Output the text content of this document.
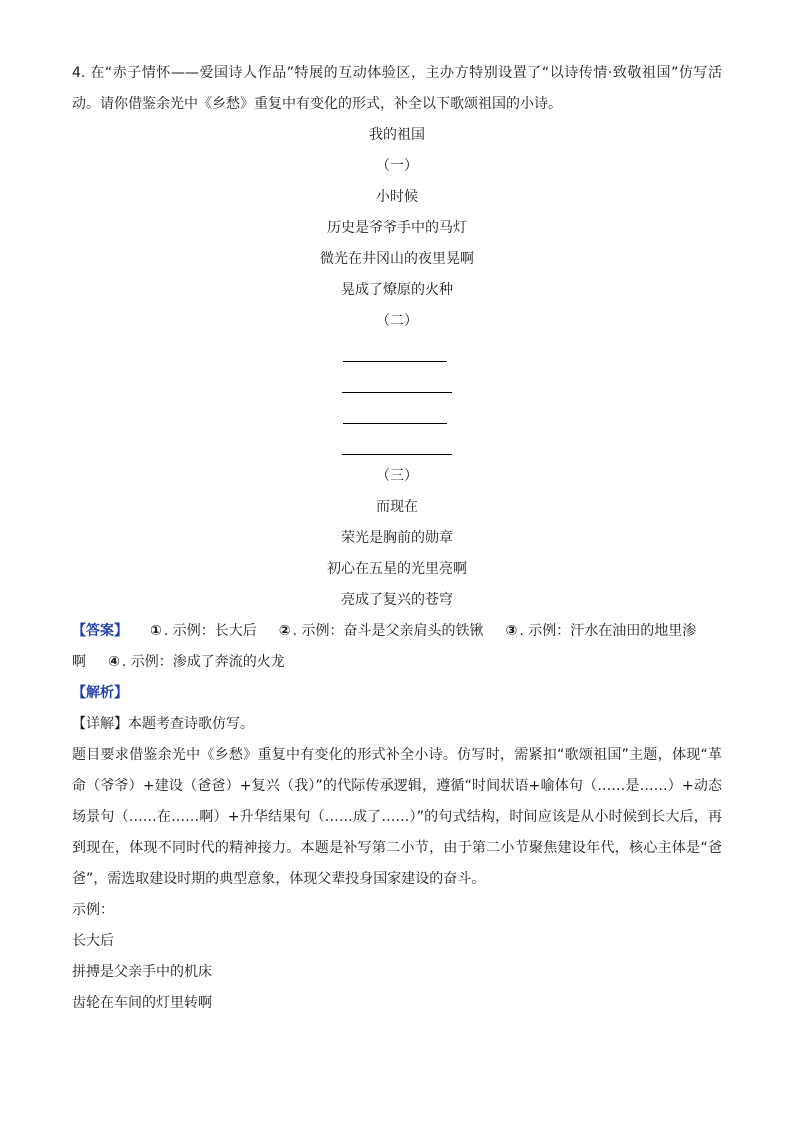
4. 在“赤子情怀——爱国诗人作品”特展的互动体验区，主办方特别设置了“以诗传情·致敬祖国”仿写活动。请你借鉴余光中《乡愁》重复中有变化的形式，补全以下歌颂祖国的小诗。

我的祖国
（一）
小时候
历史是爷爷手中的马灯
微光在井冈山的夜里晃啊
晃成了燎原的火种
（二）
（三）
而现在
荣光是胸前的勋章
初心在五星的光里亮啊
亮成了复兴的苍穹

【答案】 ① . 示例：长大后 ② . 示例：奋斗是父亲肩头的铁锹 ③ . 示例：汗水在油田的地里渗

啊 ④ . 示例：渗成了奔流的火龙

【解析】

【详解】本题考查诗歌仿写。

题目要求借鉴余光中《乡愁》重复中有变化的形式补全小诗。仿写时，需紧扣“歌颂祖国”主题，体现“革命（爷爷）+建设（爸爸）+复兴（我）”的代际传承逻辑，遵循“时间状语+喻体句（……是……）+动态场景句（……在……啊）+升华结果句（……成了……）”的句式结构，时间应该是从小时候到长大后，再到现在，体现不同时代的精神接力。本题是补写第二小节，由于第二小节聚焦建设年代，核心主体是“爸爸”，需选取建设时期的典型意象，体现父辈投身国家建设的奋斗。

示例：

长大后

拼搏是父亲手中的机床

齿轮在车间的灯里转啊
